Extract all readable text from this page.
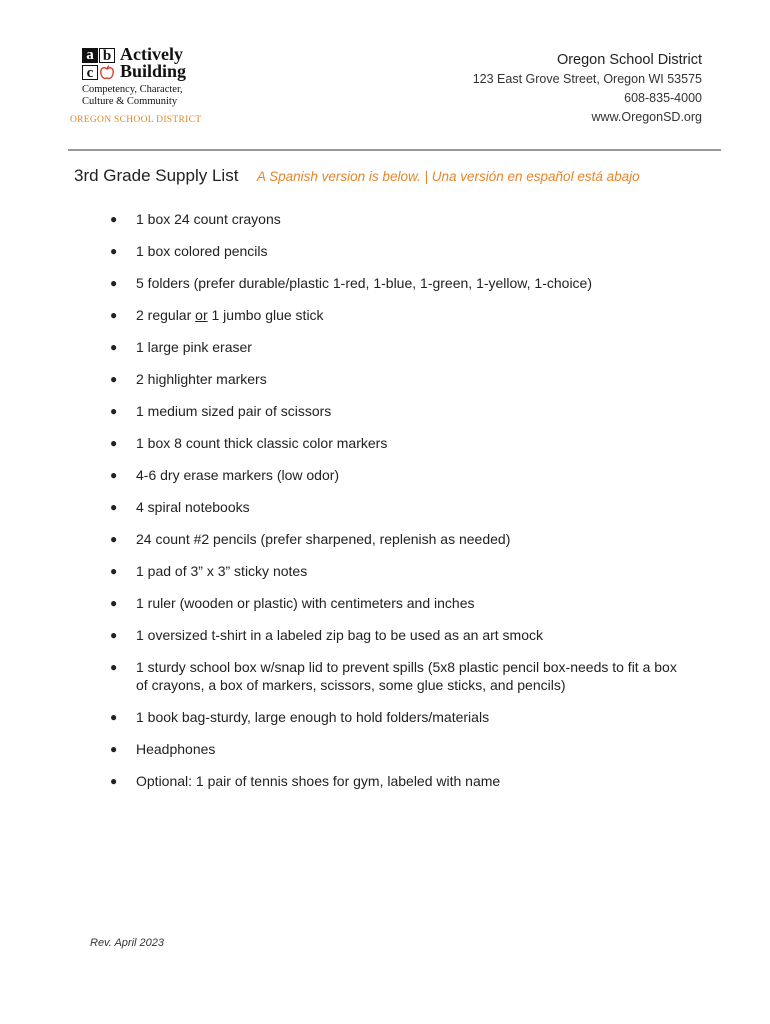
a b
c
Actively
Building
Competency, Character,
Culture & Community
OREGON SCHOOL DISTRICT
Oregon School District
123 East Grove Street, Oregon WI 53575
608-835-4000
www.OregonSD.org
3rd Grade Supply List A Spanish version is below. | Una versión en español está abajo
● 1 box 24 count crayons
● 1 box colored pencils
● 5 folders (prefer durable/plastic 1-red, 1-blue, 1-green, 1-yellow, 1-choice)
● 2 regular or 1 jumbo glue stick
● 1 large pink eraser
● 2 highlighter markers
● 1 medium sized pair of scissors
● 1 box 8 count thick classic color markers
● 4-6 dry erase markers (low odor)
● 4 spiral notebooks
● 24 count #2 pencils (prefer sharpened, replenish as needed)
● 1 pad of 3” x 3” sticky notes
● 1 ruler (wooden or plastic) with centimeters and inches
● 1 oversized t-shirt in a labeled zip bag to be used as an art smock
● 1 sturdy school box w/snap lid to prevent spills (5x8 plastic pencil box-needs to fit a box of crayons, a box of markers, scissors, some glue sticks, and pencils)
● 1 book bag-sturdy, large enough to hold folders/materials
● Headphones
● Optional: 1 pair of tennis shoes for gym, labeled with name
Rev. April 2023
